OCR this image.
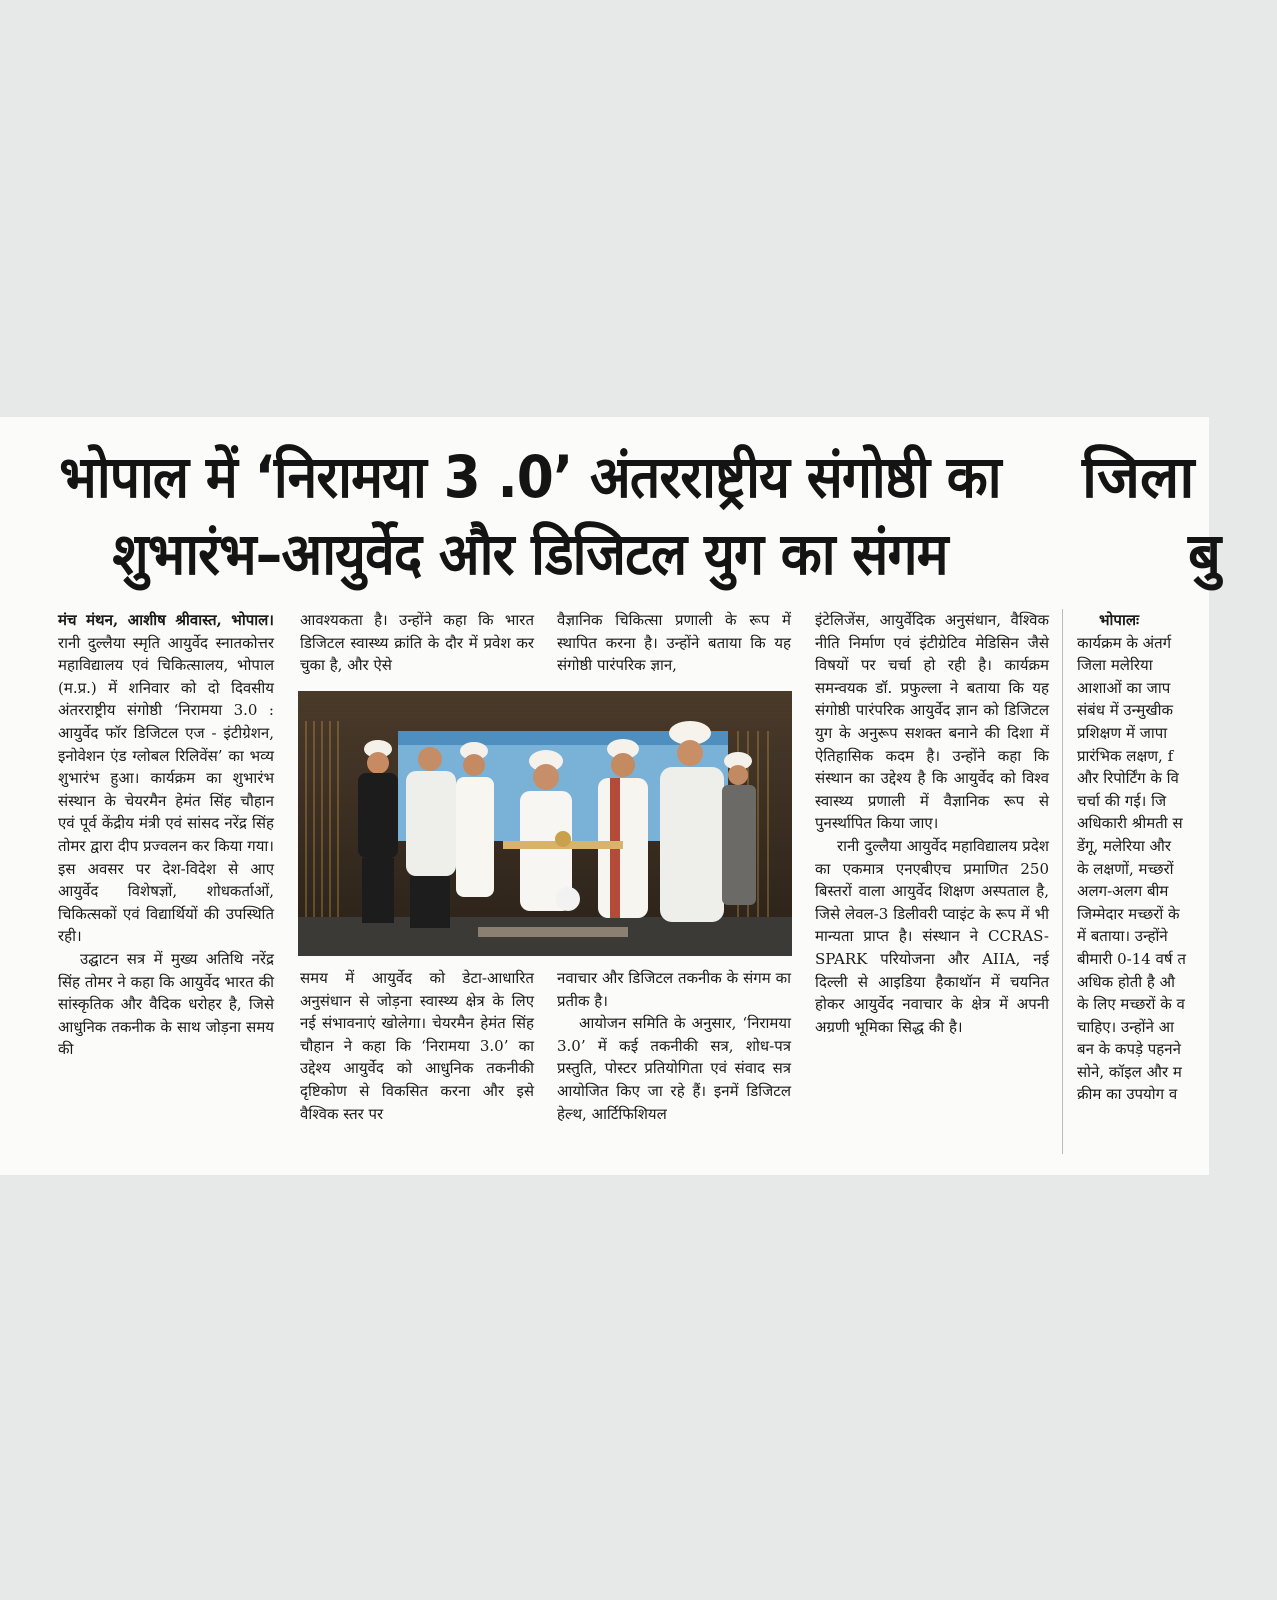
भोपाल में ‘निरामया 3 .0’ अंतरराष्ट्रीय संगोष्ठी का
शुभारंभ–आयुर्वेद और डिजिटल युग का संगम
जिला
बु

मंच मंथन, आशीष श्रीवास्त, भोपाल। रानी दुल्लैया स्मृति आयुर्वेद स्नातकोत्तर महाविद्यालय एवं चिकित्सालय, भोपाल (म.प्र.) में शनिवार को दो दिवसीय अंतरराष्ट्रीय संगोष्ठी ‘निरामया 3.0 : आयुर्वेद फॉर डिजिटल एज - इंटीग्रेशन, इनोवेशन एंड ग्लोबल रिलिवेंस’ का भव्य शुभारंभ हुआ। कार्यक्रम का शुभारंभ संस्थान के चेयरमैन हेमंत सिंह चौहान एवं पूर्व केंद्रीय मंत्री एवं सांसद नरेंद्र सिंह तोमर द्वारा दीप प्रज्वलन कर किया गया। इस अवसर पर देश-विदेश से आए आयुर्वेद विशेषज्ञों, शोधकर्ताओं, चिकित्सकों एवं विद्यार्थियों की उपस्थिति रही।

उद्घाटन सत्र में मुख्य अतिथि नरेंद्र सिंह तोमर ने कहा कि आयुर्वेद भारत की सांस्कृतिक और वैदिक धरोहर है, जिसे आधुनिक तकनीक के साथ जोड़ना समय की

आवश्यकता है। उन्होंने कहा कि भारत डिजिटल स्वास्थ्य क्रांति के दौर में प्रवेश कर चुका है, और ऐसे

वैज्ञानिक चिकित्सा प्रणाली के रूप में स्थापित करना है। उन्होंने बताया कि यह संगोष्ठी पारंपरिक ज्ञान,

समय में आयुर्वेद को डेटा-आधारित अनुसंधान से जोड़ना स्वास्थ्य क्षेत्र के लिए नई संभावनाएं खोलेगा। चेयरमैन हेमंत सिंह चौहान ने कहा कि ‘निरामया 3.0’ का उद्देश्य आयुर्वेद को आधुनिक तकनीकी दृष्टिकोण से विकसित करना और इसे वैश्विक स्तर पर

नवाचार और डिजिटल तकनीक के संगम का प्रतीक है।

आयोजन समिति के अनुसार, ‘निरामया 3.0’ में कई तकनीकी सत्र, शोध-पत्र प्रस्तुति, पोस्टर प्रतियोगिता एवं संवाद सत्र आयोजित किए जा रहे हैं। इनमें डिजिटल हेल्थ, आर्टिफिशियल

इंटेलिजेंस, आयुर्वेदिक अनुसंधान, वैश्विक नीति निर्माण एवं इंटीग्रेटिव मेडिसिन जैसे विषयों पर चर्चा हो रही है। कार्यक्रम समन्वयक डॉ. प्रफुल्ला ने बताया कि यह संगोष्ठी पारंपरिक आयुर्वेद ज्ञान को डिजिटल युग के अनुरूप सशक्त बनाने की दिशा में ऐतिहासिक कदम है। उन्होंने कहा कि संस्थान का उद्देश्य है कि आयुर्वेद को विश्व स्वास्थ्य प्रणाली में वैज्ञानिक रूप से पुनर्स्थापित किया जाए।

रानी दुल्लैया आयुर्वेद महाविद्यालय प्रदेश का एकमात्र एनएबीएच प्रमाणित 250 बिस्तरों वाला आयुर्वेद शिक्षण अस्पताल है, जिसे लेवल-3 डिलीवरी प्वाइंट के रूप में भी मान्यता प्राप्त है। संस्थान ने CCRAS-SPARK परियोजना और AIIA, नई दिल्ली से आइडिया हैकाथॉन में चयनित होकर आयुर्वेद नवाचार के क्षेत्र में अपनी अग्रणी भूमिका सिद्ध की है।

भोपालः

कार्यक्रम के अंतर्ग
जिला मलेरिया
आशाओं का जाप
संबंध में उन्मुखीक
प्रशिक्षण में जापा
प्रारंभिक लक्षण, f
और रिपोर्टिंग के वि
चर्चा की गई। जि
अधिकारी श्रीमती स
डेंगू, मलेरिया और
के लक्षणों, मच्छरों
अलग-अलग बीम
जिम्मेदार मच्छरों के
में बताया। उन्होंने
बीमारी 0-14 वर्ष त
अधिक होती है औ
के लिए मच्छरों के व
चाहिए। उन्होंने आ
बन के कपड़े पहनने
सोने, कॉइल और म
क्रीम का उपयोग व
